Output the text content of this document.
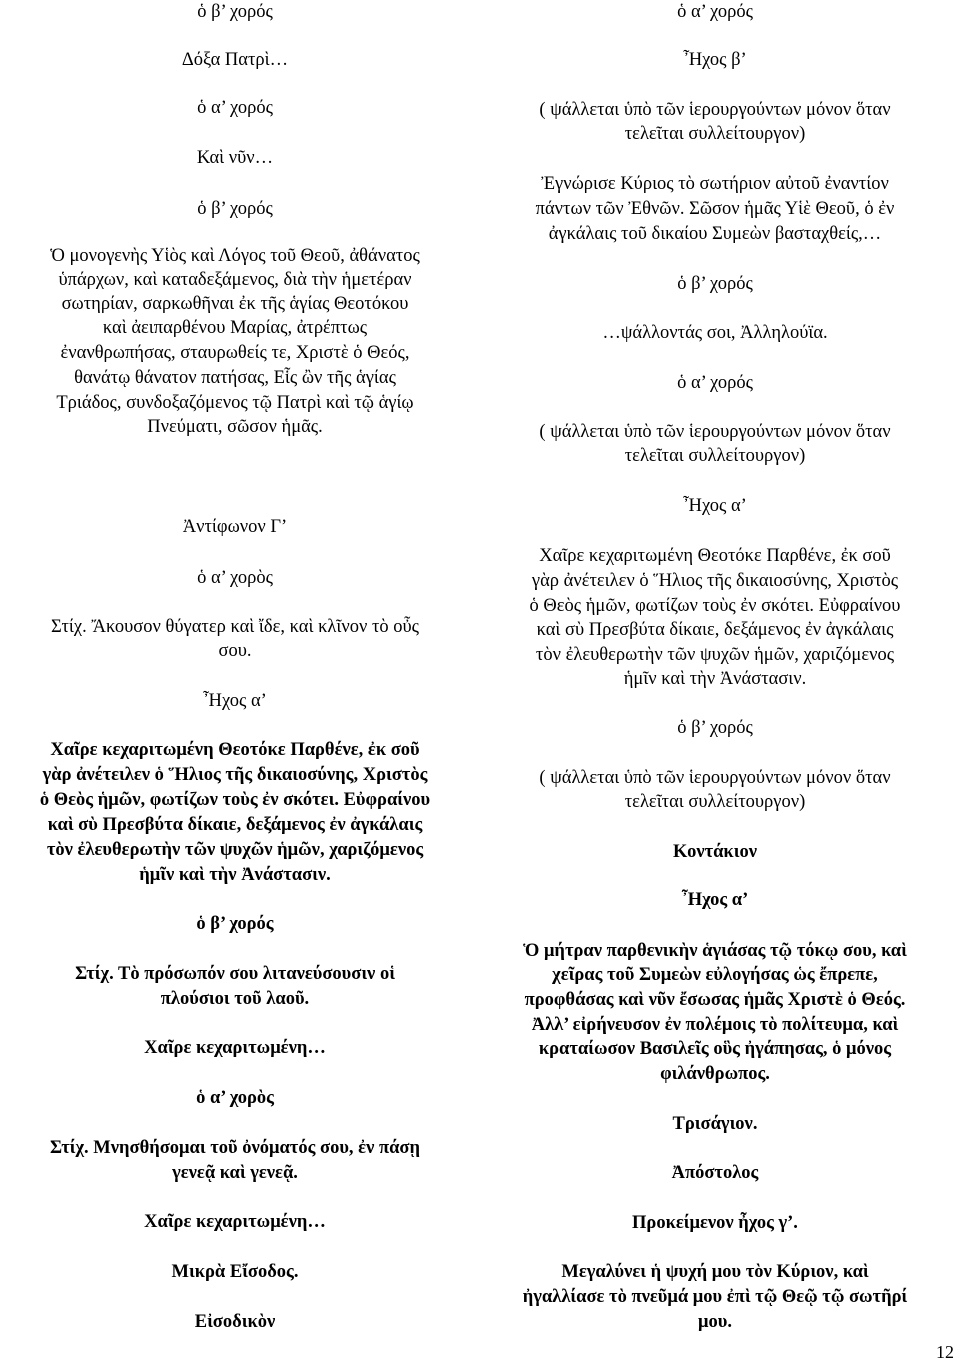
ὁ β’ χορός

Δόξα Πατρὶ…

ὁ α’ χορός

Καὶ νῦν…

ὁ β’ χορός

Ὁ μονογενὴς Υἱὸς καὶ Λόγος τοῦ Θεοῦ, ἀθάνατος

ὑπάρχων, καὶ καταδεξάμενος, διὰ τὴν ἡμετέραν

σωτηρίαν, σαρκωθῆναι ἐκ τῆς ἁγίας Θεοτόκου

καὶ ἀειπαρθένου Μαρίας, ἀτρέπτως

ἐνανθρωπήσας, σταυρωθείς τε, Χριστὲ ὁ Θεός,

θανάτῳ θάνατον πατήσας, Εἷς ὢν τῆς ἁγίας

Τριάδος, συνδοξαζόμενος τῷ Πατρὶ καὶ τῷ ἁγίῳ

Πνεύματι, σῶσον ἡμᾶς.

Ἀντίφωνον Γ’

ὁ α’ χορὸς

Στίχ. Ἄκουσον θύγατερ καὶ ἴδε, καὶ κλῖνον τὸ οὖς

σου.

Ἦχος α’

Χαῖρε κεχαριτωμένη Θεοτόκε Παρθένε, ἐκ σοῦ

γὰρ ἀνέτειλεν ὁ Ἥλιος τῆς δικαιοσύνης, Χριστὸς

ὁ Θεὸς ἡμῶν, φωτίζων τοὺς ἐν σκότει. Εὐφραίνου

καὶ σὺ Πρεσβύτα δίκαιε, δεξάμενος ἐν ἀγκάλαις

τὸν ἐλευθερωτὴν τῶν ψυχῶν ἡμῶν, χαριζόμενος

ἡμῖν καὶ τὴν Ἀνάστασιν.

ὁ β’ χορός

Στίχ. Τὸ πρόσωπόν σου λιτανεύσουσιν οἱ

πλούσιοι τοῦ λαοῦ.

Χαῖρε κεχαριτωμένη…

ὁ α’ χορὸς

Στίχ. Μνησθήσομαι τοῦ ὀνόματός σου, ἐν πάσῃ

γενεᾷ καὶ γενεᾷ.

Χαῖρε κεχαριτωμένη…

Μικρὰ Εἴσοδος.

Εἰσοδικὸν

ὁ α’ χορός

Ἦχος β’

( ψάλλεται ὑπὸ τῶν ἱερουργούντων μόνον ὅταν

τελεῖται συλλείτουργον)

Ἐγνώρισε Κύριος τὸ σωτήριον αὐτοῦ ἐναντίον

πάντων τῶν Ἐθνῶν. Σῶσον ἡμᾶς Υἱὲ Θεοῦ, ὁ ἐν

ἀγκάλαις τοῦ δικαίου Συμεὼν βασταχθείς,…

ὁ β’ χορός

…ψάλλοντάς σοι, Ἀλληλούϊα.

ὁ α’ χορός

( ψάλλεται ὑπὸ τῶν ἱερουργούντων μόνον ὅταν

τελεῖται συλλείτουργον)

Ἦχος α’

Χαῖρε κεχαριτωμένη Θεοτόκε Παρθένε, ἐκ σοῦ

γὰρ ἀνέτειλεν ὁ Ἥλιος τῆς δικαιοσύνης, Χριστὸς

ὁ Θεὸς ἡμῶν, φωτίζων τοὺς ἐν σκότει. Εὐφραίνου

καὶ σὺ Πρεσβύτα δίκαιε, δεξάμενος ἐν ἀγκάλαις

τὸν ἐλευθερωτὴν τῶν ψυχῶν ἡμῶν, χαριζόμενος

ἡμῖν καὶ τὴν Ἀνάστασιν.

ὁ β’ χορός

( ψάλλεται ὑπὸ τῶν ἱερουργούντων μόνον ὅταν

τελεῖται συλλείτουργον)

Κοντάκιον

Ἦχος α’

Ὁ μήτραν παρθενικὴν ἁγιάσας τῷ τόκῳ σου, καὶ

χεῖρας τοῦ Συμεὼν εὐλογήσας ὡς ἔπρεπε,

προφθάσας καὶ νῦν ἔσωσας ἡμᾶς Χριστὲ ὁ Θεός.

Ἀλλ’ εἰρήνευσον ἐν πολέμοις τὸ πολίτευμα, καὶ

κραταίωσον Βασιλεῖς οὓς ἠγάπησας, ὁ μόνος

φιλάνθρωπος.

Τρισάγιον.

Ἀπόστολος

Προκείμενον ἦχος γ’.

Μεγαλύνει ἡ ψυχή μου τὸν Κύριον, καὶ

ἠγαλλίασε τὸ πνεῦμά μου ἐπὶ τῷ Θεῷ τῷ σωτῆρί

μου.

12
